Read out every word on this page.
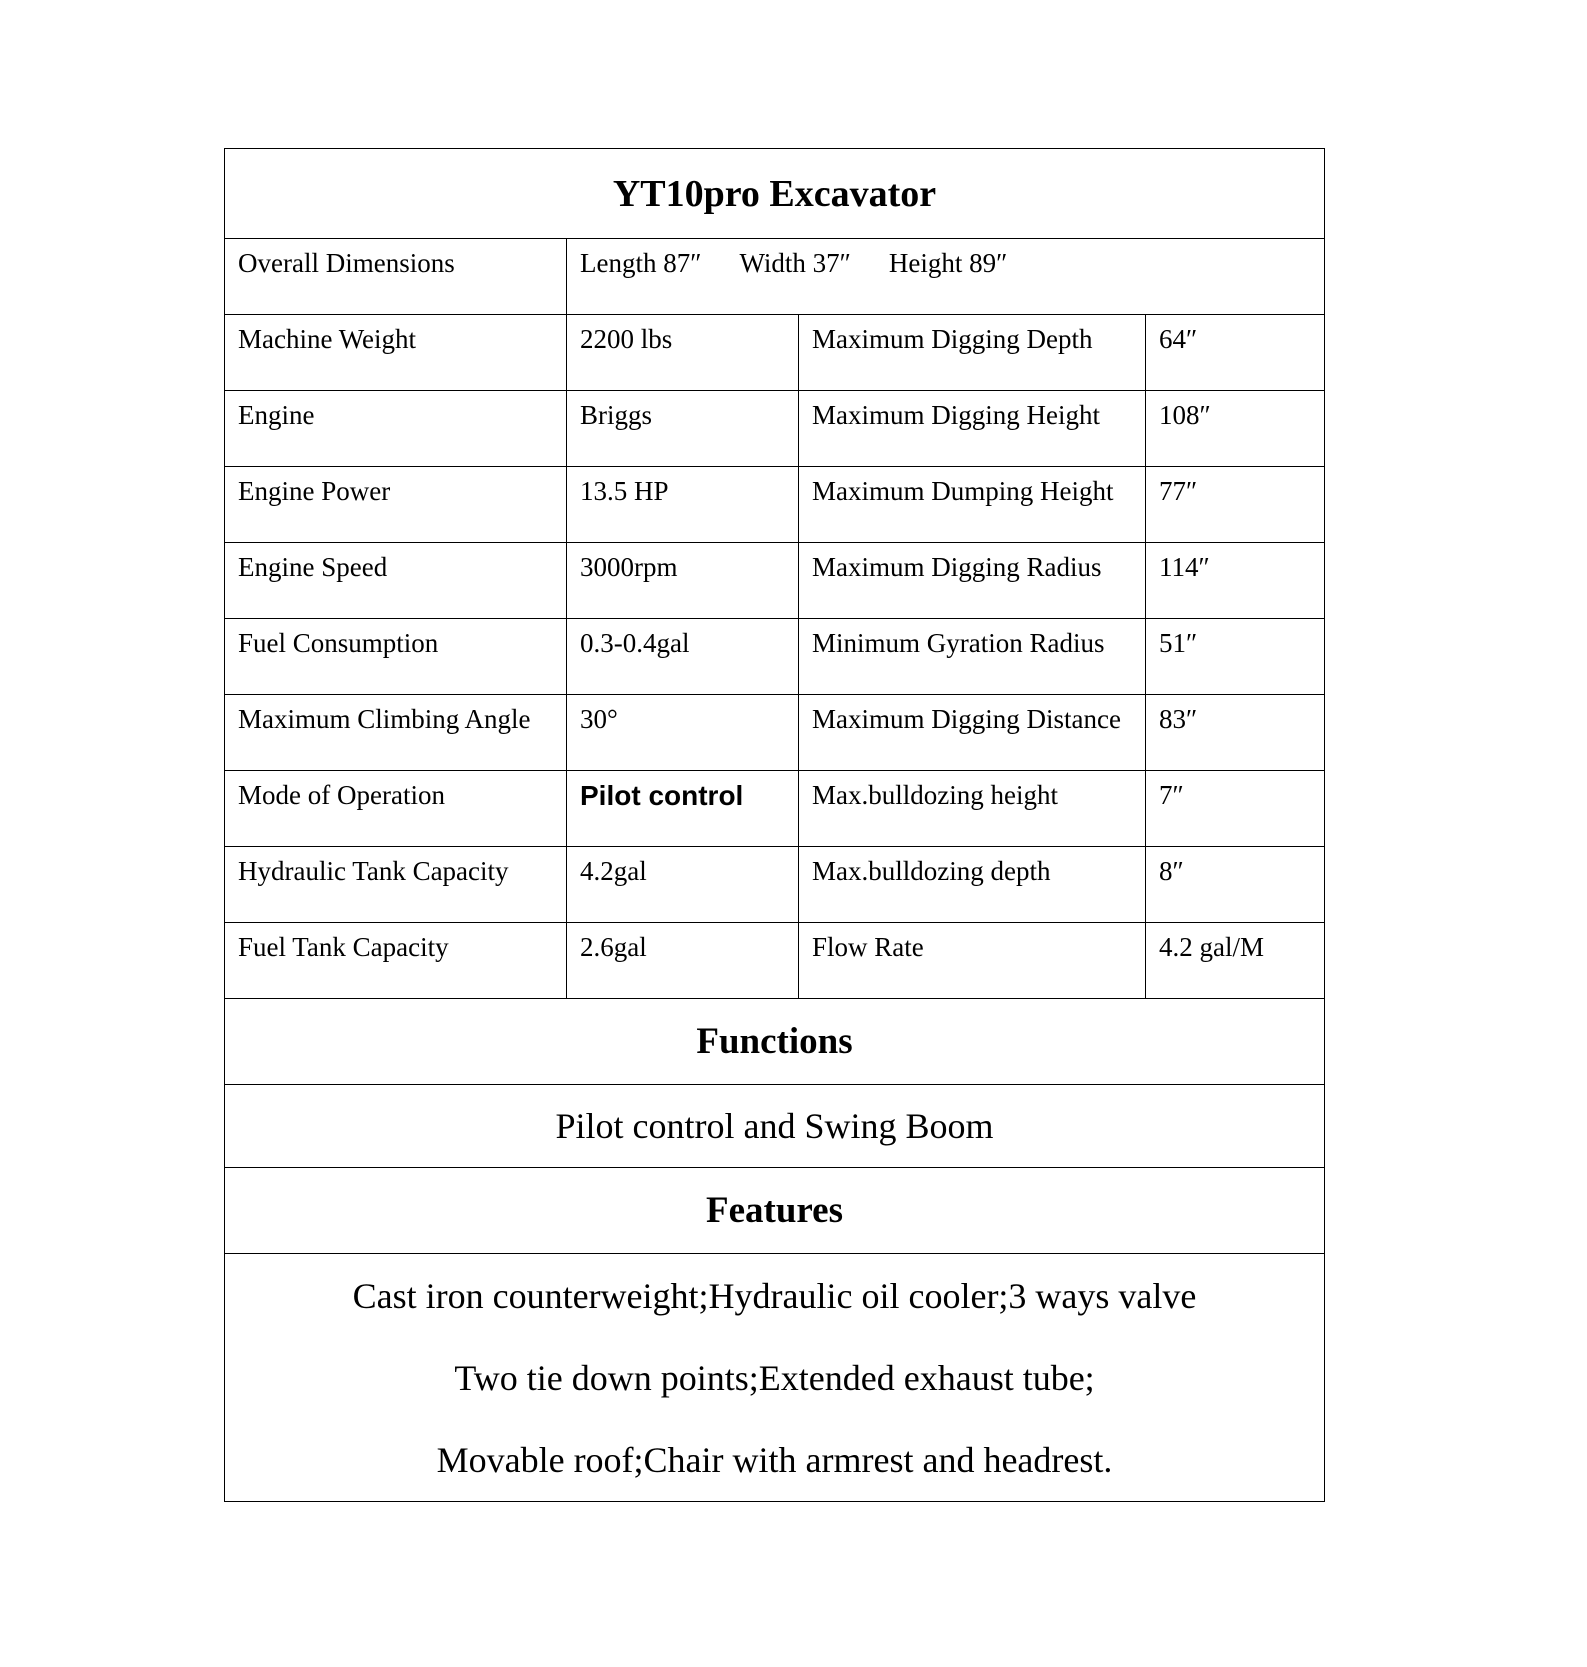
YT10pro Excavator
Overall Dimensions	Length 87″ Width 37″ Height 89″
Machine Weight	2200 lbs	Maximum Digging Depth	64″
Engine	Briggs	Maximum Digging Height	108″
Engine Power	13.5 HP	Maximum Dumping Height	77″
Engine Speed	3000rpm	Maximum Digging Radius	114″
Fuel Consumption	0.3-0.4gal	Minimum Gyration Radius	51″
Maximum Climbing Angle	30°	Maximum Digging Distance	83″
Mode of Operation	Pilot control	Max.bulldozing height	7″
Hydraulic Tank Capacity	4.2gal	Max.bulldozing depth	8″
Fuel Tank Capacity	2.6gal	Flow Rate	4.2 gal/M
Functions
Pilot control and Swing Boom
Features
Cast iron counterweight;Hydraulic oil cooler;3 ways valve
Two tie down points;Extended exhaust tube;
Movable roof;Chair with armrest and headrest.
